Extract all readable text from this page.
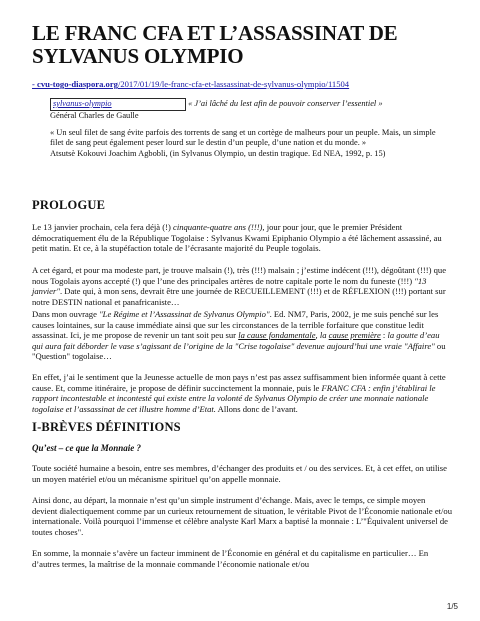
LE FRANC CFA ET L’ASSASSINAT DE
SYLVANUS OLYMPIO
- cvu-togo-diaspora.org/2017/01/19/le-franc-cfa-et-lassassinat-de-sylvanus-olympio/11504
sylvanus-olympio	« J’ai lâché du lest afin de pouvoir conserver l’essentiel »
Général Charles de Gaulle
« Un seul filet de sang évite parfois des torrents de sang et un cortège de malheurs pour un peuple. Mais, un simple filet de sang peut également peser lourd sur le destin d’un peuple, d’une nation et du monde. »
Atsutsè Kokouvi Joachim Agbobli, (in Sylvanus Olympio, un destin tragique. Ed NEA, 1992, p. 15)
PROLOGUE
Le 13 janvier prochain, cela fera déjà (!) cinquante-quatre ans (!!!), jour pour jour, que le premier Président démocratiquement élu de la République Togolaise : Sylvanus Kwami Epiphanio Olympio a été lâchement assassiné, au petit matin. Et ce, à la stupéfaction totale de l’écrasante majorité du Peuple togolais.
A cet égard, et pour ma modeste part, je trouve malsain (!), très (!!!) malsain ; j’estime indécent (!!!), dégoûtant (!!!) que nous Togolais ayons accepté (!) que l’une des principales artères de notre capitale porte le nom du funeste (!!!) "13 janvier". Date qui, à mon sens, devrait être une journée de RECUEILLEMENT (!!!) et de RÉFLEXION (!!!) portant sur notre DESTIN national et panafricaniste…
Dans mon ouvrage "Le Régime et l’Assassinat de Sylvanus Olympio". Ed. NM7, Paris, 2002, je me suis penché sur les causes lointaines, sur la cause immédiate ainsi que sur les circonstances de la terrible forfaiture que constitue ledit assassinat. Ici, je me propose de revenir un tant soit peu sur la cause fondamentale, la cause première : la goutte d’eau qui aura fait déborder le vase s’agissant de l’origine de la "Crise togolaise" devenue aujourd’hui une vraie "Affaire" ou "Question" togolaise…
En effet, j’ai le sentiment que la Jeunesse actuelle de mon pays n’est pas assez suffisamment bien informée quant à cette cause. Et, comme itinéraire, je propose de définir succinctement la monnaie, puis le FRANC CFA : enfin j’établirai le rapport incontestable et incontesté qui existe entre la volonté de Sylvanus Olympio de créer une monnaie nationale togolaise et l’assassinat de cet illustre homme d’Etat. Allons donc de l’avant.
I-BRÈVES DÉFINITIONS
Qu’est – ce que la Monnaie ?
Toute société humaine a besoin, entre ses membres, d’échanger des produits et / ou des services. Et, à cet effet, on utilise un moyen matériel et/ou un mécanisme spirituel qu’on appelle monnaie.
Ainsi donc, au départ, la monnaie n’est qu’un simple instrument d’échange. Mais, avec le temps, ce simple moyen devient dialectiquement comme par un curieux retournement de situation, le véritable Pivot de l’Économie nationale et/ou internationale. Voilà pourquoi l’immense et célèbre analyste Karl Marx a baptisé la monnaie : L’"Équivalent universel de toutes choses".
En somme, la monnaie s’avère un facteur imminent de l’Économie en général et du capitalisme en particulier… En d’autres termes, la maîtrise de la monnaie commande l’économie nationale et/ou
1/5
